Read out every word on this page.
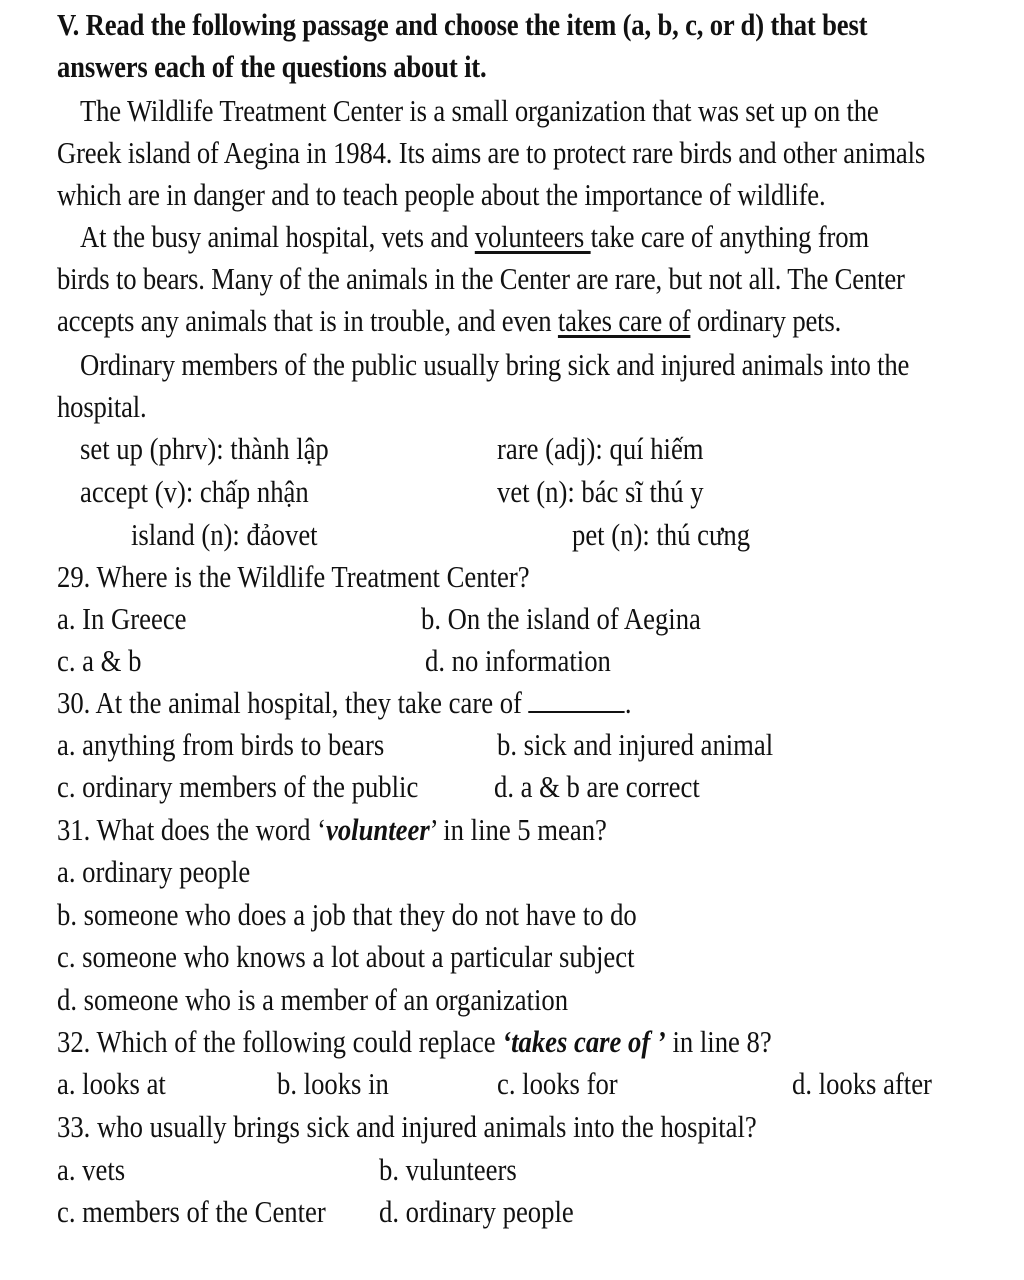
V. Read the following passage and choose the item (a, b, c, or d) that best
answers each of the questions about it.
The Wildlife Treatment Center is a small organization that was set up on the
Greek island of Aegina in 1984. Its aims are to protect rare birds and other animals
which are in danger and to teach people about the importance of wildlife.
At the busy animal hospital, vets and volunteers take care of anything from
birds to bears. Many of the animals in the Center are rare, but not all. The Center
accepts any animals that is in trouble, and even takes care of ordinary pets.
Ordinary members of the public usually bring sick and injured animals into the
hospital.
set up (phrv): thành lập	rare (adj): quí hiếm
accept (v): chấp nhận	vet (n): bác sĩ thú y
island (n): đảovet	pet (n): thú cưng
29. Where is the Wildlife Treatment Center?
a. In Greece	b. On the island of Aegina
c. a & b	d. no information
30. At the animal hospital, they take care of	.
a. anything from birds to bears	b. sick and injured animal
c. ordinary members of the public d. a & b are correct
31. What does the word ‘volunteer’ in line 5 mean?
a. ordinary people
b. someone who does a job that they do not have to do
c. someone who knows a lot about a particular subject
d. someone who is a member of an organization
32. Which of the following could replace ‘takes care of ’ in line 8?
a. looks at	b. looks in	c. looks for	d. looks after
33. who usually brings sick and injured animals into the hospital?
a. vets	b. vulunteers
c. members of the Center d. ordinary people
